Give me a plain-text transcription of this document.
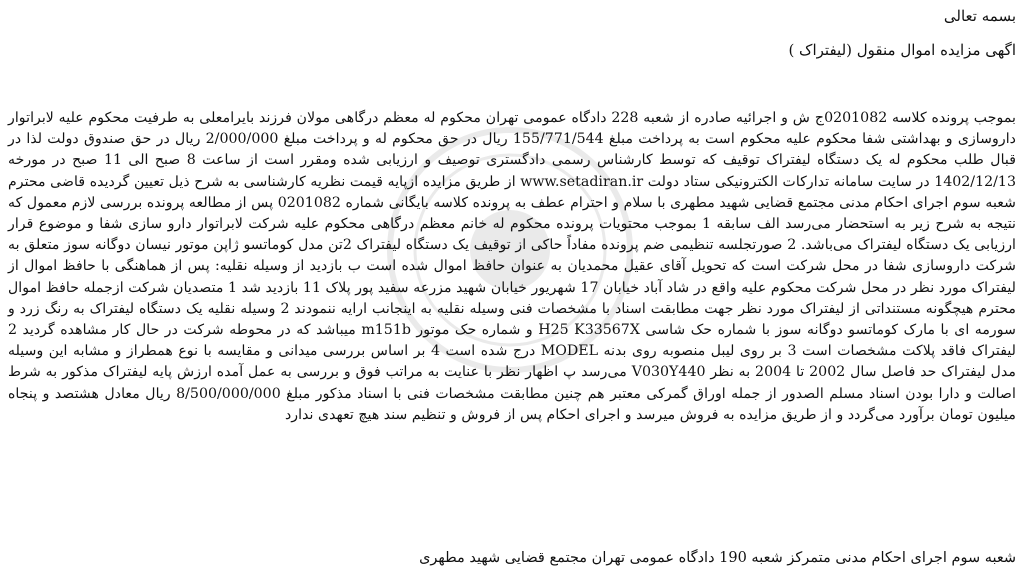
بسمه تعالی
اگهی مزایده اموال منقول (لیفتراک )
بموجب پرونده کلاسه 0201082ج ش و اجرائیه صادره از شعبه 228 دادگاه عمومی تهران محکوم له معظم درگاهی مولان فرزند بایرامعلی به طرفیت محکوم علیه لابراتوار داروسازی و بهداشتی شفا محکوم علیه محکوم است به پرداخت مبلغ 155/771/544 ریال در حق محکوم له و پرداخت مبلغ 2/000/000 ریال در حق صندوق دولت لذا در قبال طلب محکوم له یک دستگاه لیفتراک توقیف که توسط کارشناس رسمی دادگستری توصیف و ارزیابی شده ومقرر است از ساعت 8 صبح الی 11 صبح در مورخه 1402/12/13 در سایت سامانه تدارکات الکترونیکی ستاد دولت www.setadiran.ir از طریق مزایده ازپایه قیمت نظریه کارشناسی به شرح ذیل تعیین گردیده قاضی محترم شعبه سوم اجرای احکام مدنی مجتمع قضایی شهید مطهری با سلام و احترام عطف به پرونده کلاسه بایگانی شماره 0201082 پس از مطالعه پرونده بررسی لازم معمول که نتیجه به شرح زیر به استحضار می‌رسد الف سابقه 1 بموجب محتویات پرونده محکوم له خانم معظم درگاهی محکوم علیه شرکت لابراتوار دارو سازی شفا و موضوع قرار ارزیابی یک دستگاه لیفتراک می‌باشد. 2 صورتجلسه تنظیمی ضم پرونده مفاداً حاکی از توقیف یک دستگاه لیفتراک 2تن مدل کوماتسو ژاپن موتور نیسان دوگانه سوز متعلق به شرکت داروسازی شفا در محل شرکت است که تحویل آقای عقیل محمدیان به عنوان حافظ اموال شده است ب بازدید از وسیله نقلیه: پس از هماهنگی با حافظ اموال از لیفتراک مورد نظر در محل شرکت محکوم علیه واقع در شاد آباد خیابان 17 شهریور خیابان شهید مزرعه سفید پور پلاک 11 بازدید شد 1 متصدیان شرکت ازجمله حافظ اموال محترم هیچگونه مستنداتی از لیفتراک مورد نظر جهت مطابقت اسناد با مشخصات فنی وسیله نقلیه به اینجانب ارایه ننمودند 2 وسیله نقلیه یک دستگاه لیفتراک به رنگ زرد و سورمه ای با مارک کوماتسو دوگانه سوز با شماره حک شاسی H25 K33567X و شماره حک موتور m151b میباشد که در محوطه شرکت در حال کار مشاهده گردید 2 لیفتراک فاقد پلاکت مشخصات است 3 بر روی لیبل منصوبه روی بدنه MODEL درج شده است 4 بر اساس بررسی میدانی و مقایسه با نوع همطراز و مشابه این وسیله مدل لیفتراک حد فاصل سال 2002 تا 2004 به نظر V030Y440 می‌رسد پ اظهار نظر با عنایت به مراتب فوق و بررسی به عمل آمده ارزش پایه لیفتراک مذکور به شرط اصالت و دارا بودن اسناد مسلم الصدور از جمله اوراق گمرکی معتبر هم چنین مطابقت مشخصات فنی با اسناد مذکور مبلغ 8/500/000/000 ریال معادل هشتصد و پنجاه میلیون تومان برآورد می‌گردد و از طریق مزایده به فروش میرسد و اجرای احکام پس از فروش و تنظیم سند هیچ تعهدی ندارد
شعبه سوم اجرای احکام مدنی متمرکز شعبه 190 دادگاه عمومی تهران مجتمع قضایی شهید مطهری
